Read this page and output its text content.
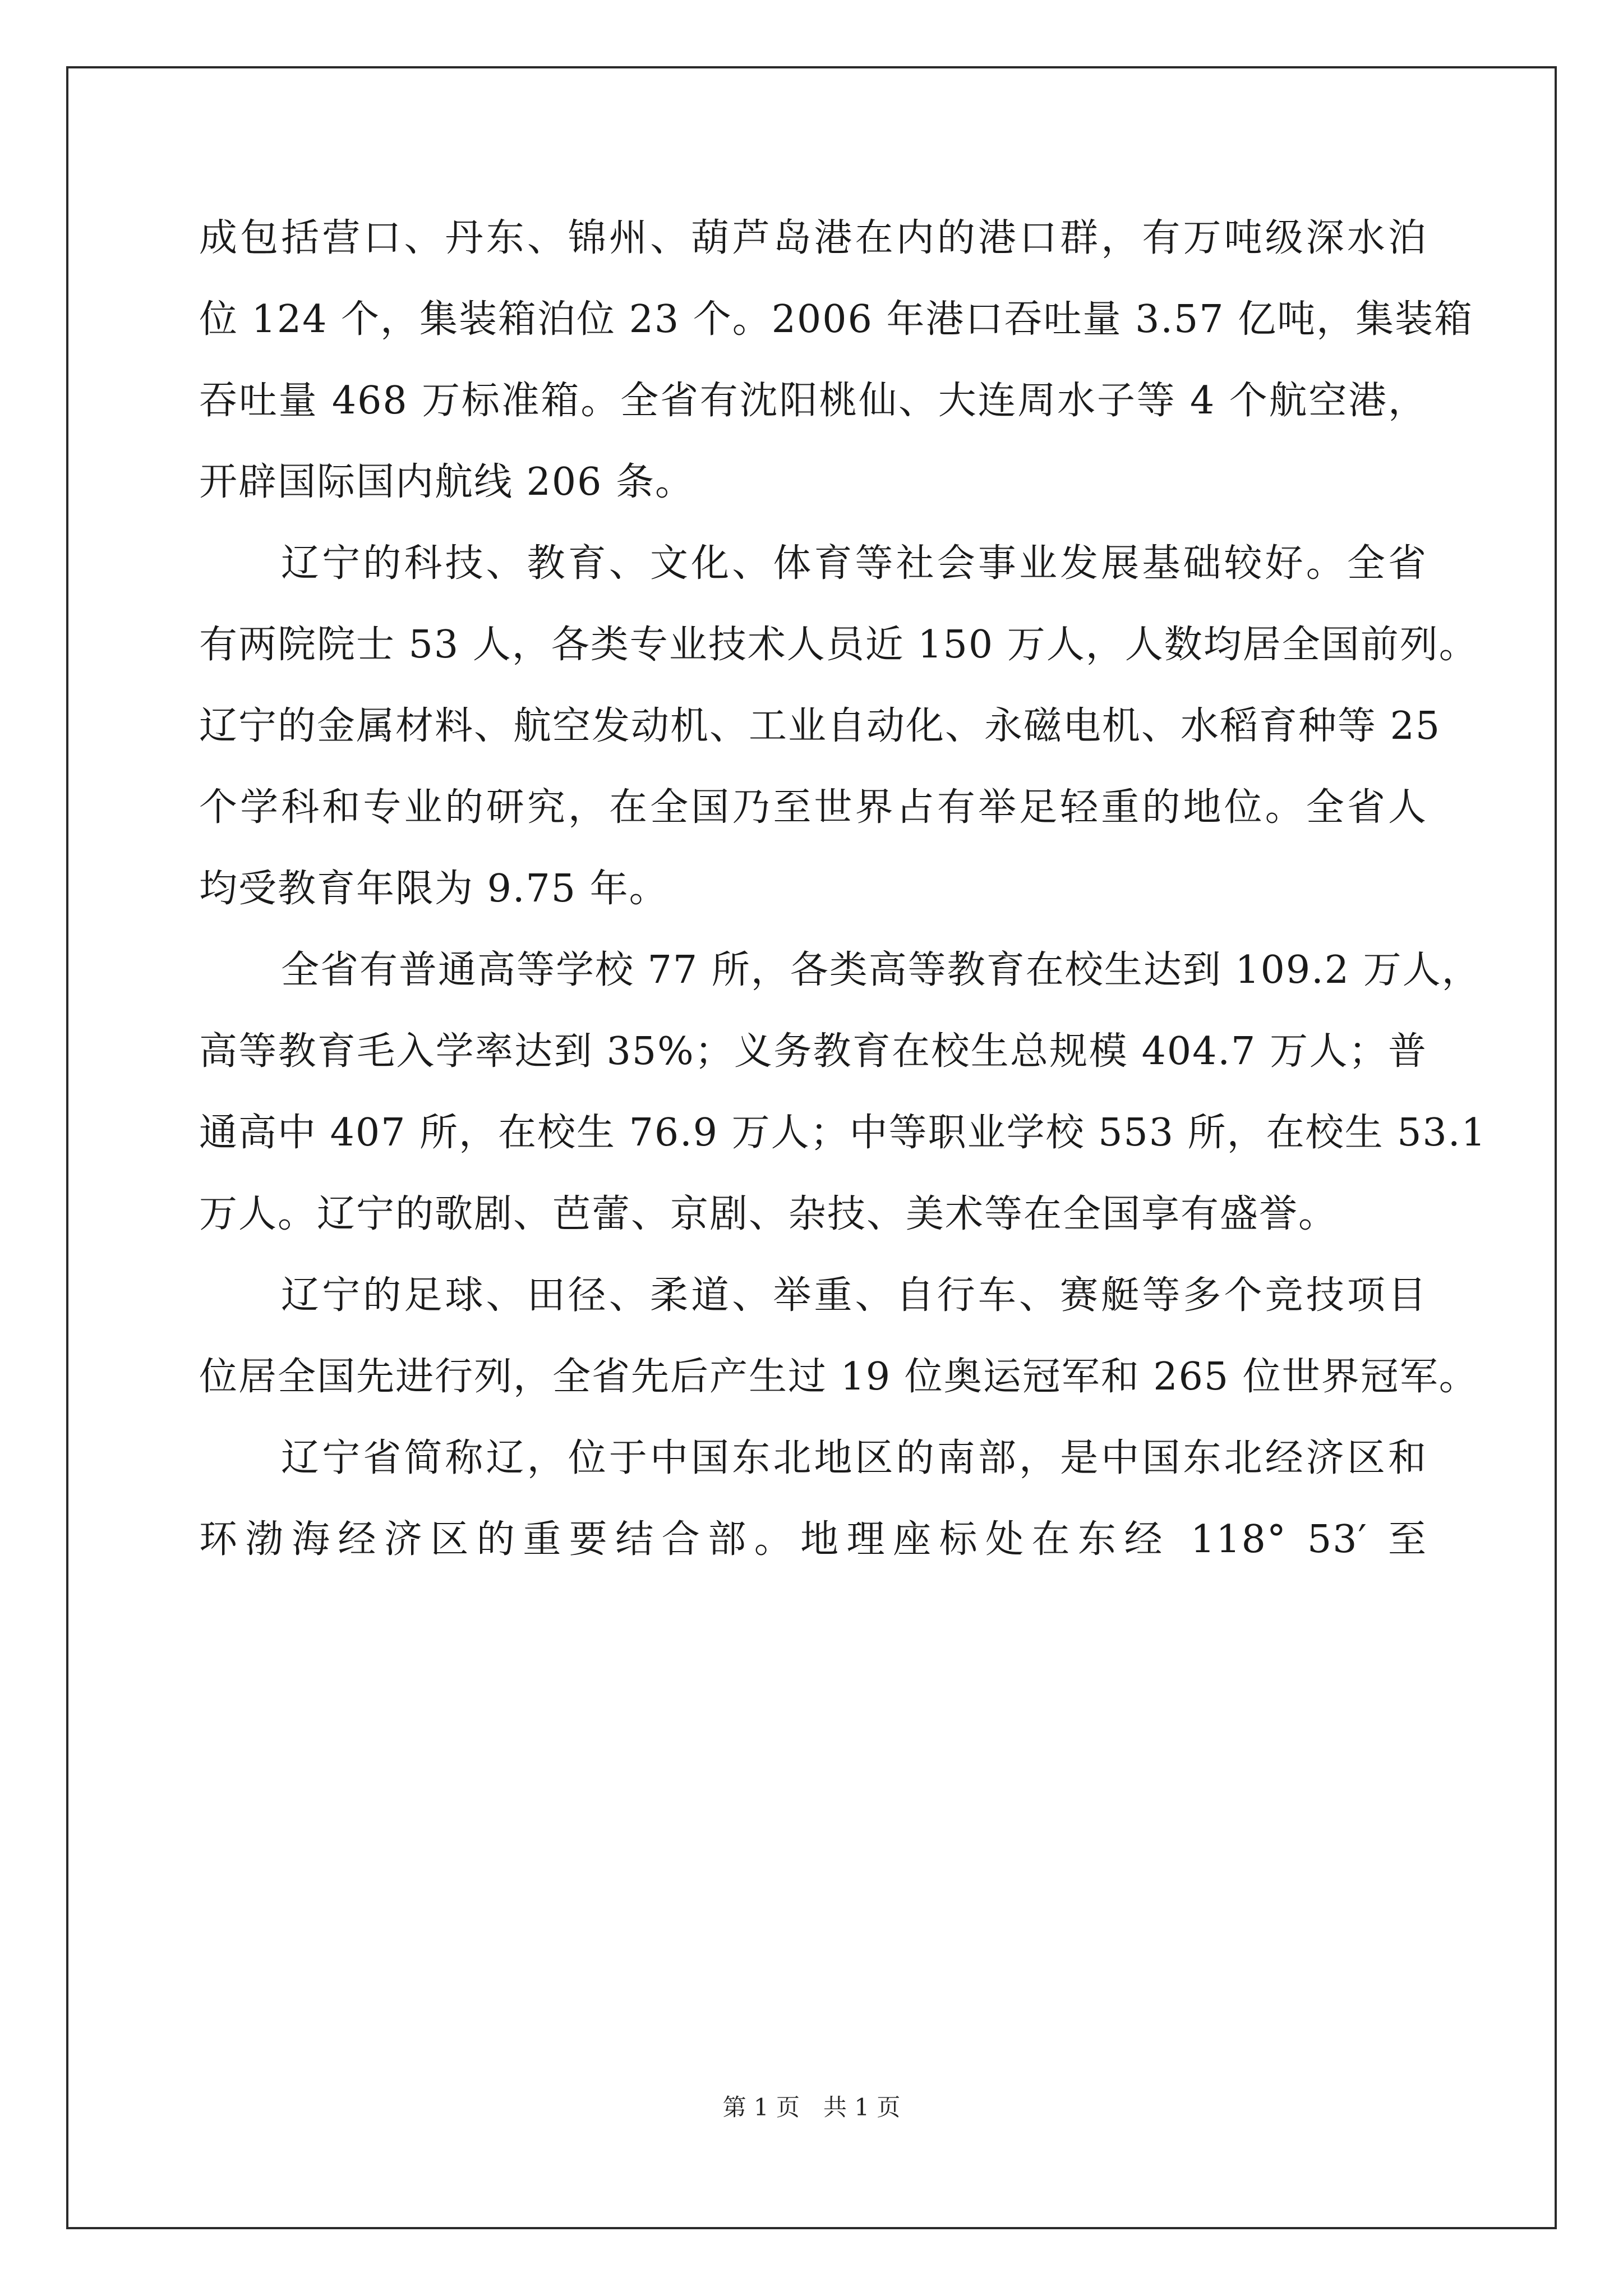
成包括营口、丹东、锦州、葫芦岛港在内的港口群，有万吨级深水泊
位 124 个，集装箱泊位 23 个。2006 年港口吞吐量 3.57 亿吨，集装箱
吞吐量 468 万标准箱。全省有沈阳桃仙、大连周水子等 4 个航空港，
开辟国际国内航线 206 条。
辽宁的科技、教育、文化、体育等社会事业发展基础较好。全省
有两院院士 53 人，各类专业技术人员近 150 万人，人数均居全国前列。
辽宁的金属材料、航空发动机、工业自动化、永磁电机、水稻育种等 25
个学科和专业的研究，在全国乃至世界占有举足轻重的地位。全省人
均受教育年限为 9.75 年。
全省有普通高等学校 77 所，各类高等教育在校生达到 109.2 万人，
高等教育毛入学率达到 35%；义务教育在校生总规模 404.7 万人；普
通高中 407 所，在校生 76.9 万人；中等职业学校 553 所，在校生 53.1
万人。辽宁的歌剧、芭蕾、京剧、杂技、美术等在全国享有盛誉。
辽宁的足球、田径、柔道、举重、自行车、赛艇等多个竞技项目
位居全国先进行列，全省先后产生过 19 位奥运冠军和 265 位世界冠军。
辽宁省简称辽，位于中国东北地区的南部，是中国东北经济区和
环渤海经济区的重要结合部。地理座标处在东经 118° 53′ 至
第 1 页　共 1 页
